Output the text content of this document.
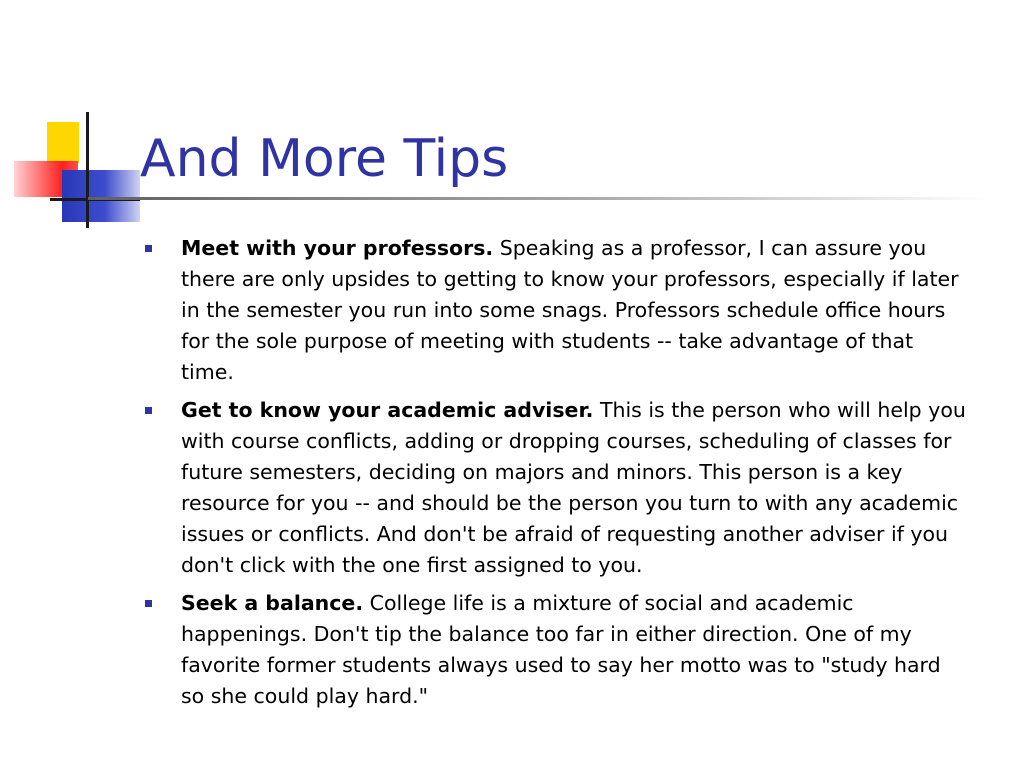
And More Tips
Meet with your professors. Speaking as a professor, I can assure you there are only upsides to getting to know your professors, especially if later in the semester you run into some snags. Professors schedule office hours for the sole purpose of meeting with students -- take advantage of that time.
Get to know your academic adviser. This is the person who will help you with course conflicts, adding or dropping courses, scheduling of classes for future semesters, deciding on majors and minors. This person is a key resource for you -- and should be the person you turn to with any academic issues or conflicts. And don't be afraid of requesting another adviser if you don't click with the one first assigned to you.
Seek a balance. College life is a mixture of social and academic happenings. Don't tip the balance too far in either direction. One of my favorite former students always used to say her motto was to "study hard so she could play hard."
